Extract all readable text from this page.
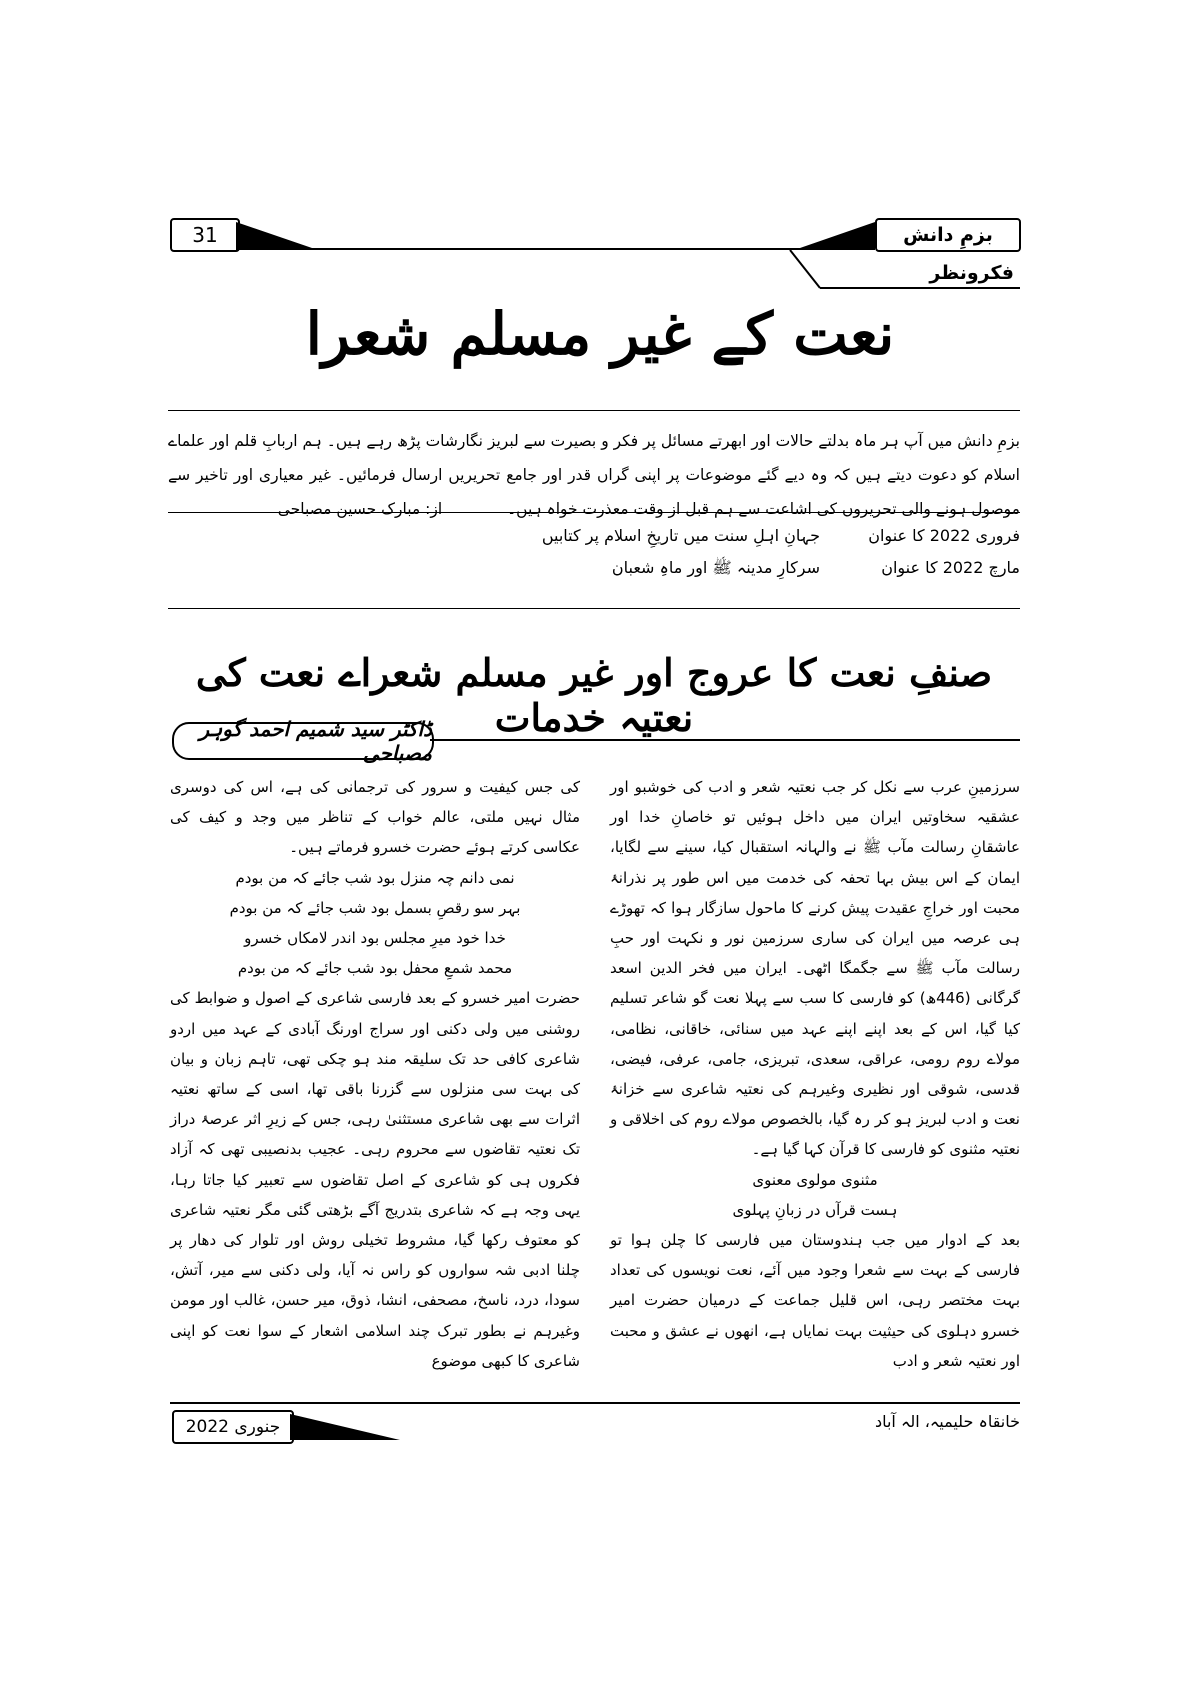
31	بزمِ دانش
فکرونظر
نعت کے غیر مسلم شعرا
بزمِ دانش میں آپ ہر ماہ بدلتے حالات اور ابھرتے مسائل پر فکر و بصیرت سے لبریز نگارشات پڑھ رہے ہیں۔ ہم اربابِ قلم اور علماے اسلام کو دعوت دیتے ہیں کہ وہ دیے گئے موضوعات پر اپنی گراں قدر اور جامع تحریریں ارسال فرمائیں۔ غیر معیاری اور تاخیر سے موصول ہونے والی تحریروں کی اشاعت سے ہم قبل از وقت معذرت خواہ ہیں۔ از: مبارک حسین مصباحی
فروری 2022 کا عنوان
جہانِ اہلِ سنت میں تاریخِ اسلام پر کتابیں
مارچ 2022 کا عنوان
سرکارِ مدینہ ﷺ اور ماہِ شعبان
صنفِ نعت کا عروج اور غیر مسلم شعراے نعت کی نعتیہ خدمات
ڈاکٹر سید شمیم احمد گوہر مصباحی

سرزمینِ عرب سے نکل کر جب نعتیہ شعر و ادب کی خوشبو اور عشقیہ سخاوتیں ایران میں داخل ہوئیں تو خاصانِ خدا اور عاشقانِ رسالت مآب ﷺ نے والہانہ استقبال کیا، سینے سے لگایا، ایمان کے اس بیش بہا تحفہ کی خدمت میں اس طور پر نذرانۂ محبت اور خراجِ عقیدت پیش کرنے کا ماحول سازگار ہوا کہ تھوڑے ہی عرصہ میں ایران کی ساری سرزمین نور و نکہت اور حبِ رسالت مآب ﷺ سے جگمگا اٹھی۔ ایران میں فخر الدین اسعد گرگانی (446ھ) کو فارسی کا سب سے پہلا نعت گو شاعر تسلیم کیا گیا، اس کے بعد اپنے اپنے عہد میں سنائی، خاقانی، نظامی، مولاے روم رومی، عراقی، سعدی، تبریزی، جامی، عرفی، فیضی، قدسی، شوقی اور نظیری وغیرہم کی نعتیہ شاعری سے خزانۂ نعت و ادب لبریز ہو کر رہ گیا، بالخصوص مولاے روم کی اخلاقی و نعتیہ مثنوی کو فارسی کا قرآن کہا گیا ہے۔

مثنوی مولوی معنوی

ہست قرآں در زبانِ پہلوی

بعد کے ادوار میں جب ہندوستان میں فارسی کا چلن ہوا تو فارسی کے بہت سے شعرا وجود میں آئے، نعت نویسوں کی تعداد بہت مختصر رہی، اس قلیل جماعت کے درمیان حضرت امیر خسرو دہلوی کی حیثیت بہت نمایاں ہے، انھوں نے عشق و محبت اور نعتیہ شعر و ادب

کی جس کیفیت و سرور کی ترجمانی کی ہے، اس کی دوسری مثال نہیں ملتی، عالم خواب کے تناظر میں وجد و کیف کی عکاسی کرتے ہوئے حضرت خسرو فرماتے ہیں۔

نمی دانم چہ منزل بود شب جائے کہ من بودم

بہر سو رقصِ بسمل بود شب جائے کہ من بودم

خدا خود میرِ مجلس بود اندر لامکاں خسرو

محمد شمعِ محفل بود شب جائے کہ من بودم

حضرت امیر خسرو کے بعد فارسی شاعری کے اصول و ضوابط کی روشنی میں ولی دکنی اور سراج اورنگ آبادی کے عہد میں اردو شاعری کافی حد تک سلیقہ مند ہو چکی تھی، تاہم زبان و بیان کی بہت سی منزلوں سے گزرنا باقی تھا، اسی کے ساتھ نعتیہ اثرات سے بھی شاعری مستثنیٰ رہی، جس کے زیرِ اثر عرصۂ دراز تک نعتیہ تقاضوں سے محروم رہی۔ عجیب بدنصیبی تھی کہ آزاد فکروں ہی کو شاعری کے اصل تقاضوں سے تعبیر کیا جاتا رہا، یہی وجہ ہے کہ شاعری بتدریج آگے بڑھتی گئی مگر نعتیہ شاعری کو معتوف رکھا گیا، مشروط تخیلی روش اور تلوار کی دھار پر چلنا ادبی شہ سواروں کو راس نہ آیا، ولی دکنی سے میر، آتش، سودا، درد، ناسخ، مصحفی، انشا، ذوق، میر حسن، غالب اور مومن وغیرہم نے بطور تبرک چند اسلامی اشعار کے سوا نعت کو اپنی شاعری کا کبھی موضوع

جنوری 2022	خانقاہ حلیمیہ، الہ آباد
